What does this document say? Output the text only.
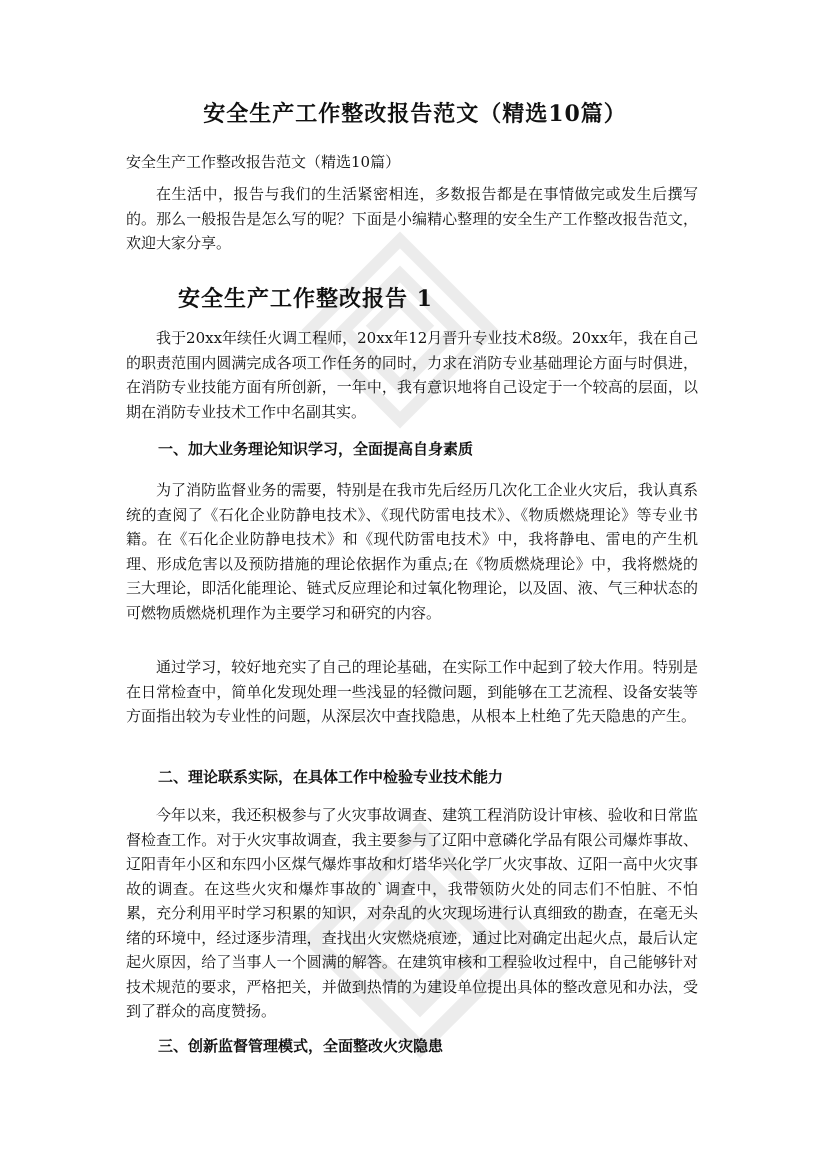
安全生产工作整改报告范文（精选10篇）
安全生产工作整改报告范文（精选10篇）
在生活中，报告与我们的生活紧密相连，多数报告都是在事情做完或发生后撰写的。那么一般报告是怎么写的呢？下面是小编精心整理的安全生产工作整改报告范文，欢迎大家分享。
安全生产工作整改报告 1
我于20xx年续任火调工程师，20xx年12月晋升专业技术8级。20xx年，我在自己的职责范围内圆满完成各项工作任务的同时，力求在消防专业基础理论方面与时俱进，在消防专业技能方面有所创新，一年中，我有意识地将自己设定于一个较高的层面，以期在消防专业技术工作中名副其实。
一、加大业务理论知识学习，全面提高自身素质
为了消防监督业务的需要，特别是在我市先后经历几次化工企业火灾后，我认真系统的查阅了《石化企业防静电技术》、《现代防雷电技术》、《物质燃烧理论》等专业书籍。在《石化企业防静电技术》和《现代防雷电技术》中，我将静电、雷电的产生机理、形成危害以及预防措施的理论依据作为重点;在《物质燃烧理论》中，我将燃烧的三大理论，即活化能理论、链式反应理论和过氧化物理论，以及固、液、气三种状态的可燃物质燃烧机理作为主要学习和研究的内容。
通过学习，较好地充实了自己的理论基础，在实际工作中起到了较大作用。特别是在日常检查中，简单化发现处理一些浅显的轻微问题，到能够在工艺流程、设备安装等方面指出较为专业性的问题，从深层次中查找隐患，从根本上杜绝了先天隐患的产生。
二、理论联系实际，在具体工作中检验专业技术能力
今年以来，我还积极参与了火灾事故调查、建筑工程消防设计审核、验收和日常监督检查工作。对于火灾事故调查，我主要参与了辽阳中意磷化学品有限公司爆炸事故、辽阳青年小区和东四小区煤气爆炸事故和灯塔华兴化学厂火灾事故、辽阳一高中火灾事故的调查。在这些火灾和爆炸事故的`调查中，我带领防火处的同志们不怕脏、不怕累，充分利用平时学习积累的知识，对杂乱的火灾现场进行认真细致的勘查，在毫无头绪的环境中，经过逐步清理，查找出火灾燃烧痕迹，通过比对确定出起火点，最后认定起火原因，给了当事人一个圆满的解答。在建筑审核和工程验收过程中，自己能够针对技术规范的要求，严格把关，并做到热情的为建设单位提出具体的整改意见和办法，受到了群众的高度赞扬。
三、创新监督管理模式，全面整改火灾隐患
